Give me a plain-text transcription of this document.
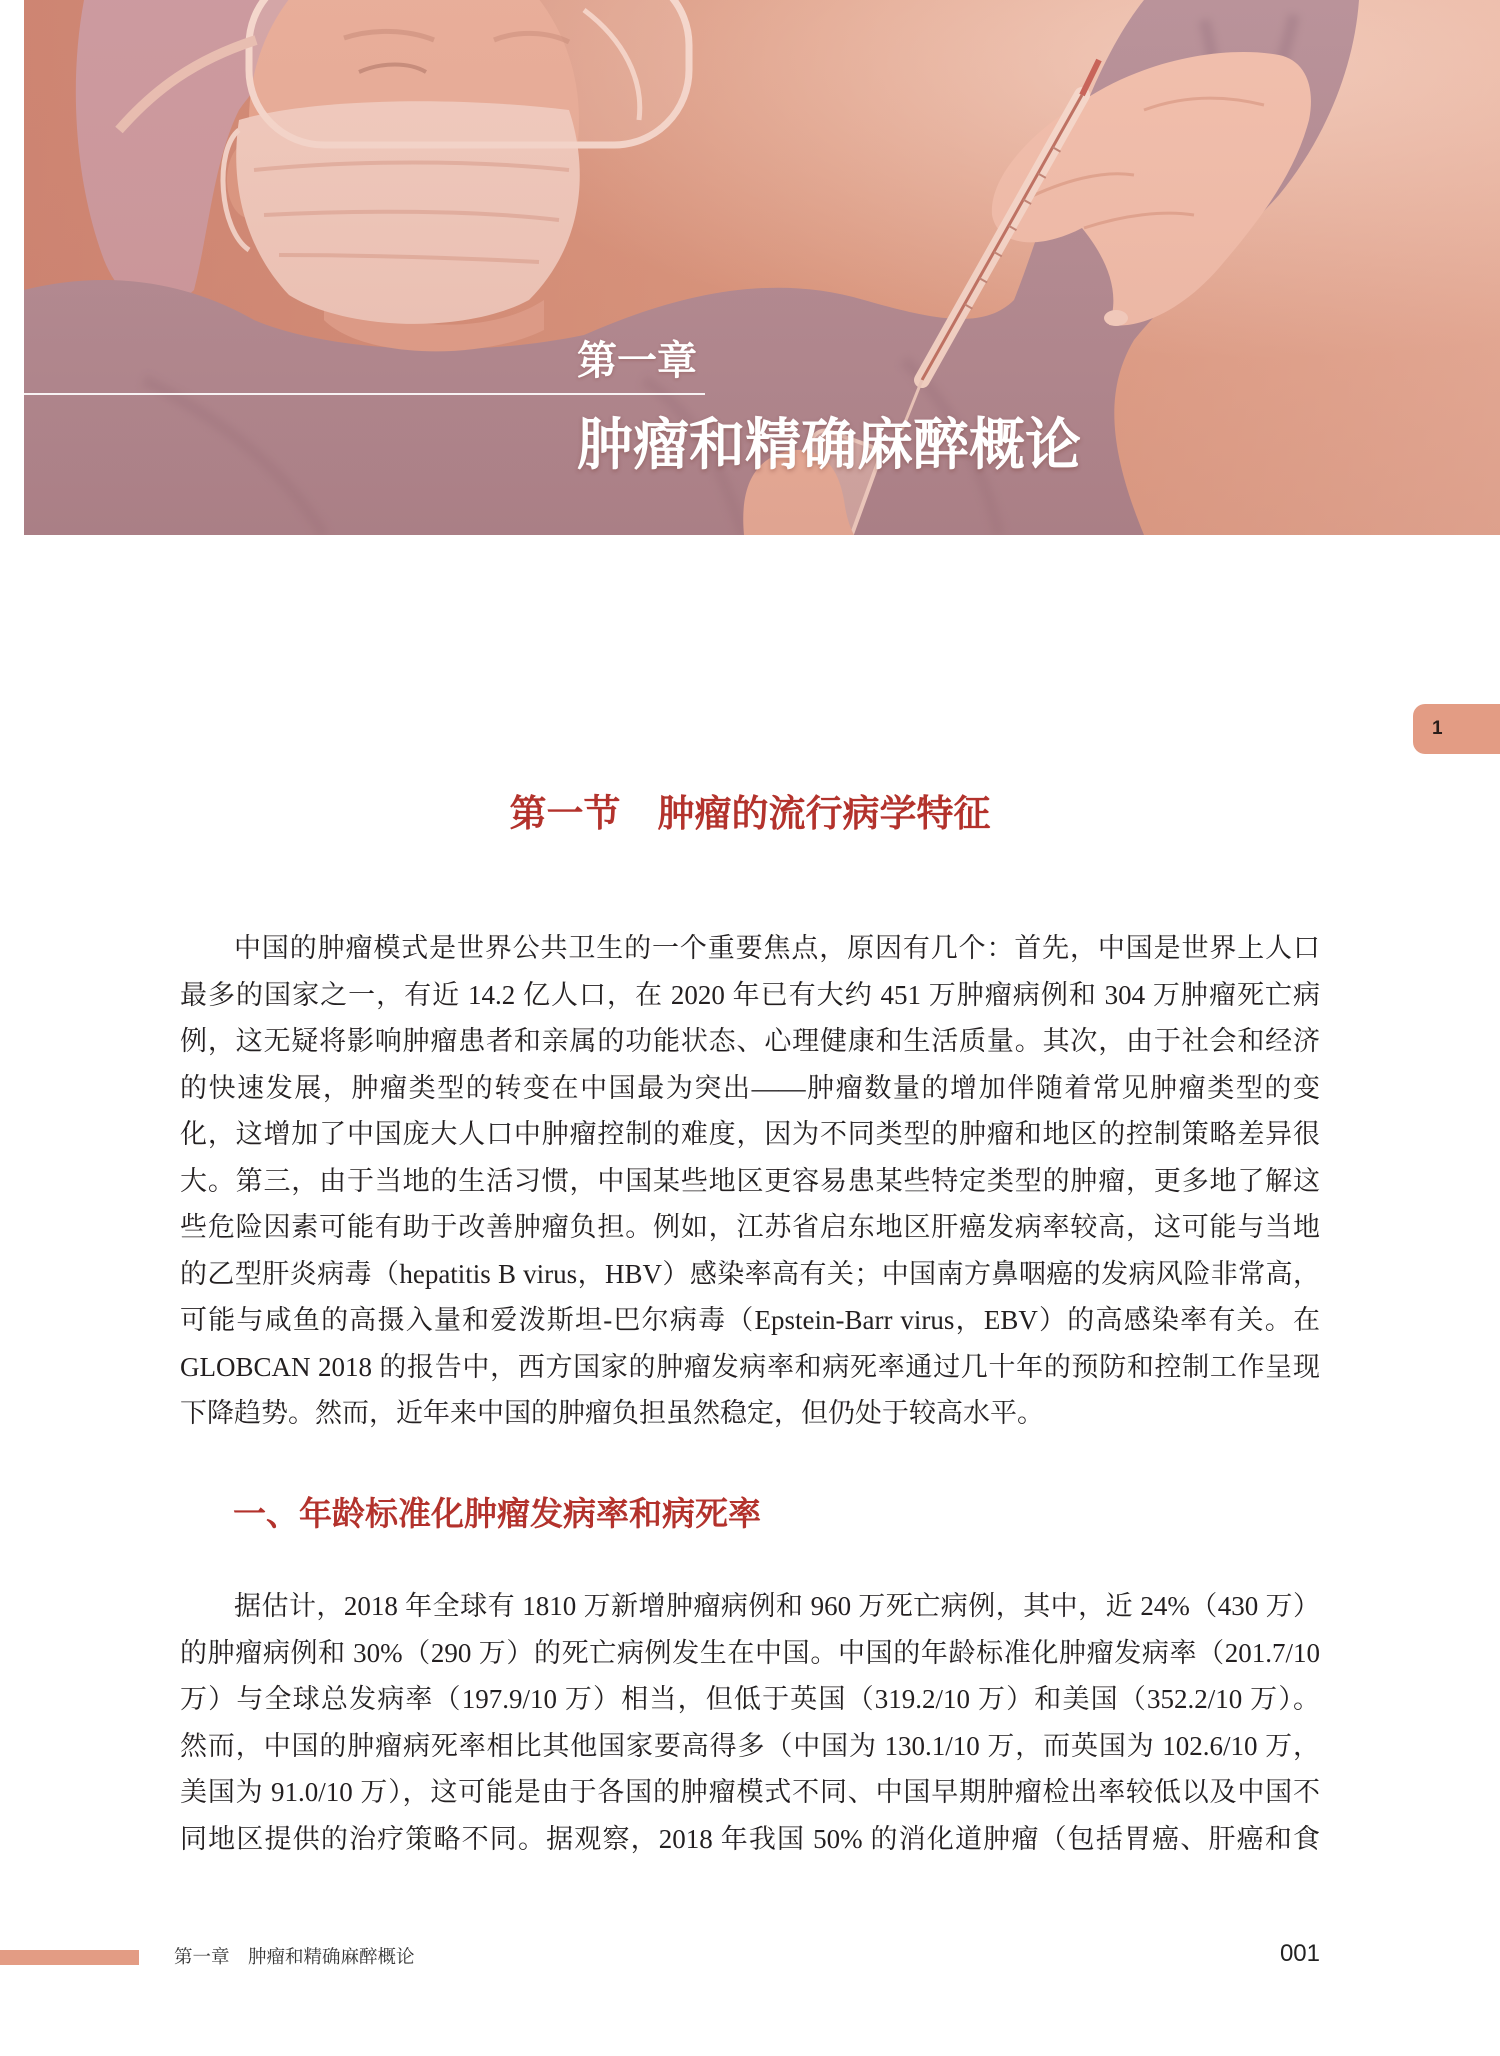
第一章
肿瘤和精确麻醉概论
1
第一节　肿瘤的流行病学特征
中国的肿瘤模式是世界公共卫生的一个重要焦点，原因有几个：首先，中国是世界上人口
最多的国家之一，有近 14.2 亿人口，在 2020 年已有大约 451 万肿瘤病例和 304 万肿瘤死亡病
例，这无疑将影响肿瘤患者和亲属的功能状态、心理健康和生活质量。其次，由于社会和经济
的快速发展，肿瘤类型的转变在中国最为突出——肿瘤数量的增加伴随着常见肿瘤类型的变
化，这增加了中国庞大人口中肿瘤控制的难度，因为不同类型的肿瘤和地区的控制策略差异很
大。第三，由于当地的生活习惯，中国某些地区更容易患某些特定类型的肿瘤，更多地了解这
些危险因素可能有助于改善肿瘤负担。例如，江苏省启东地区肝癌发病率较高，这可能与当地
的乙型肝炎病毒（hepatitis B virus，HBV）感染率高有关；中国南方鼻咽癌的发病风险非常高，
可能与咸鱼的高摄入量和爱泼斯坦-巴尔病毒（Epstein-Barr virus，EBV）的高感染率有关。在
GLOBCAN 2018 的报告中，西方国家的肿瘤发病率和病死率通过几十年的预防和控制工作呈现
下降趋势。然而，近年来中国的肿瘤负担虽然稳定，但仍处于较高水平。
一、年龄标准化肿瘤发病率和病死率
据估计，2018 年全球有 1810 万新增肿瘤病例和 960 万死亡病例，其中，近 24%（430 万）
的肿瘤病例和 30%（290 万）的死亡病例发生在中国。中国的年龄标准化肿瘤发病率（201.7/10
万）与全球总发病率（197.9/10 万）相当，但低于英国（319.2/10 万）和美国（352.2/10 万）。
然而，中国的肿瘤病死率相比其他国家要高得多（中国为 130.1/10 万，而英国为 102.6/10 万，
美国为 91.0/10 万），这可能是由于各国的肿瘤模式不同、中国早期肿瘤检出率较低以及中国不
同地区提供的治疗策略不同。据观察，2018 年我国 50% 的消化道肿瘤（包括胃癌、肝癌和食
第一章　肿瘤和精确麻醉概论	001
